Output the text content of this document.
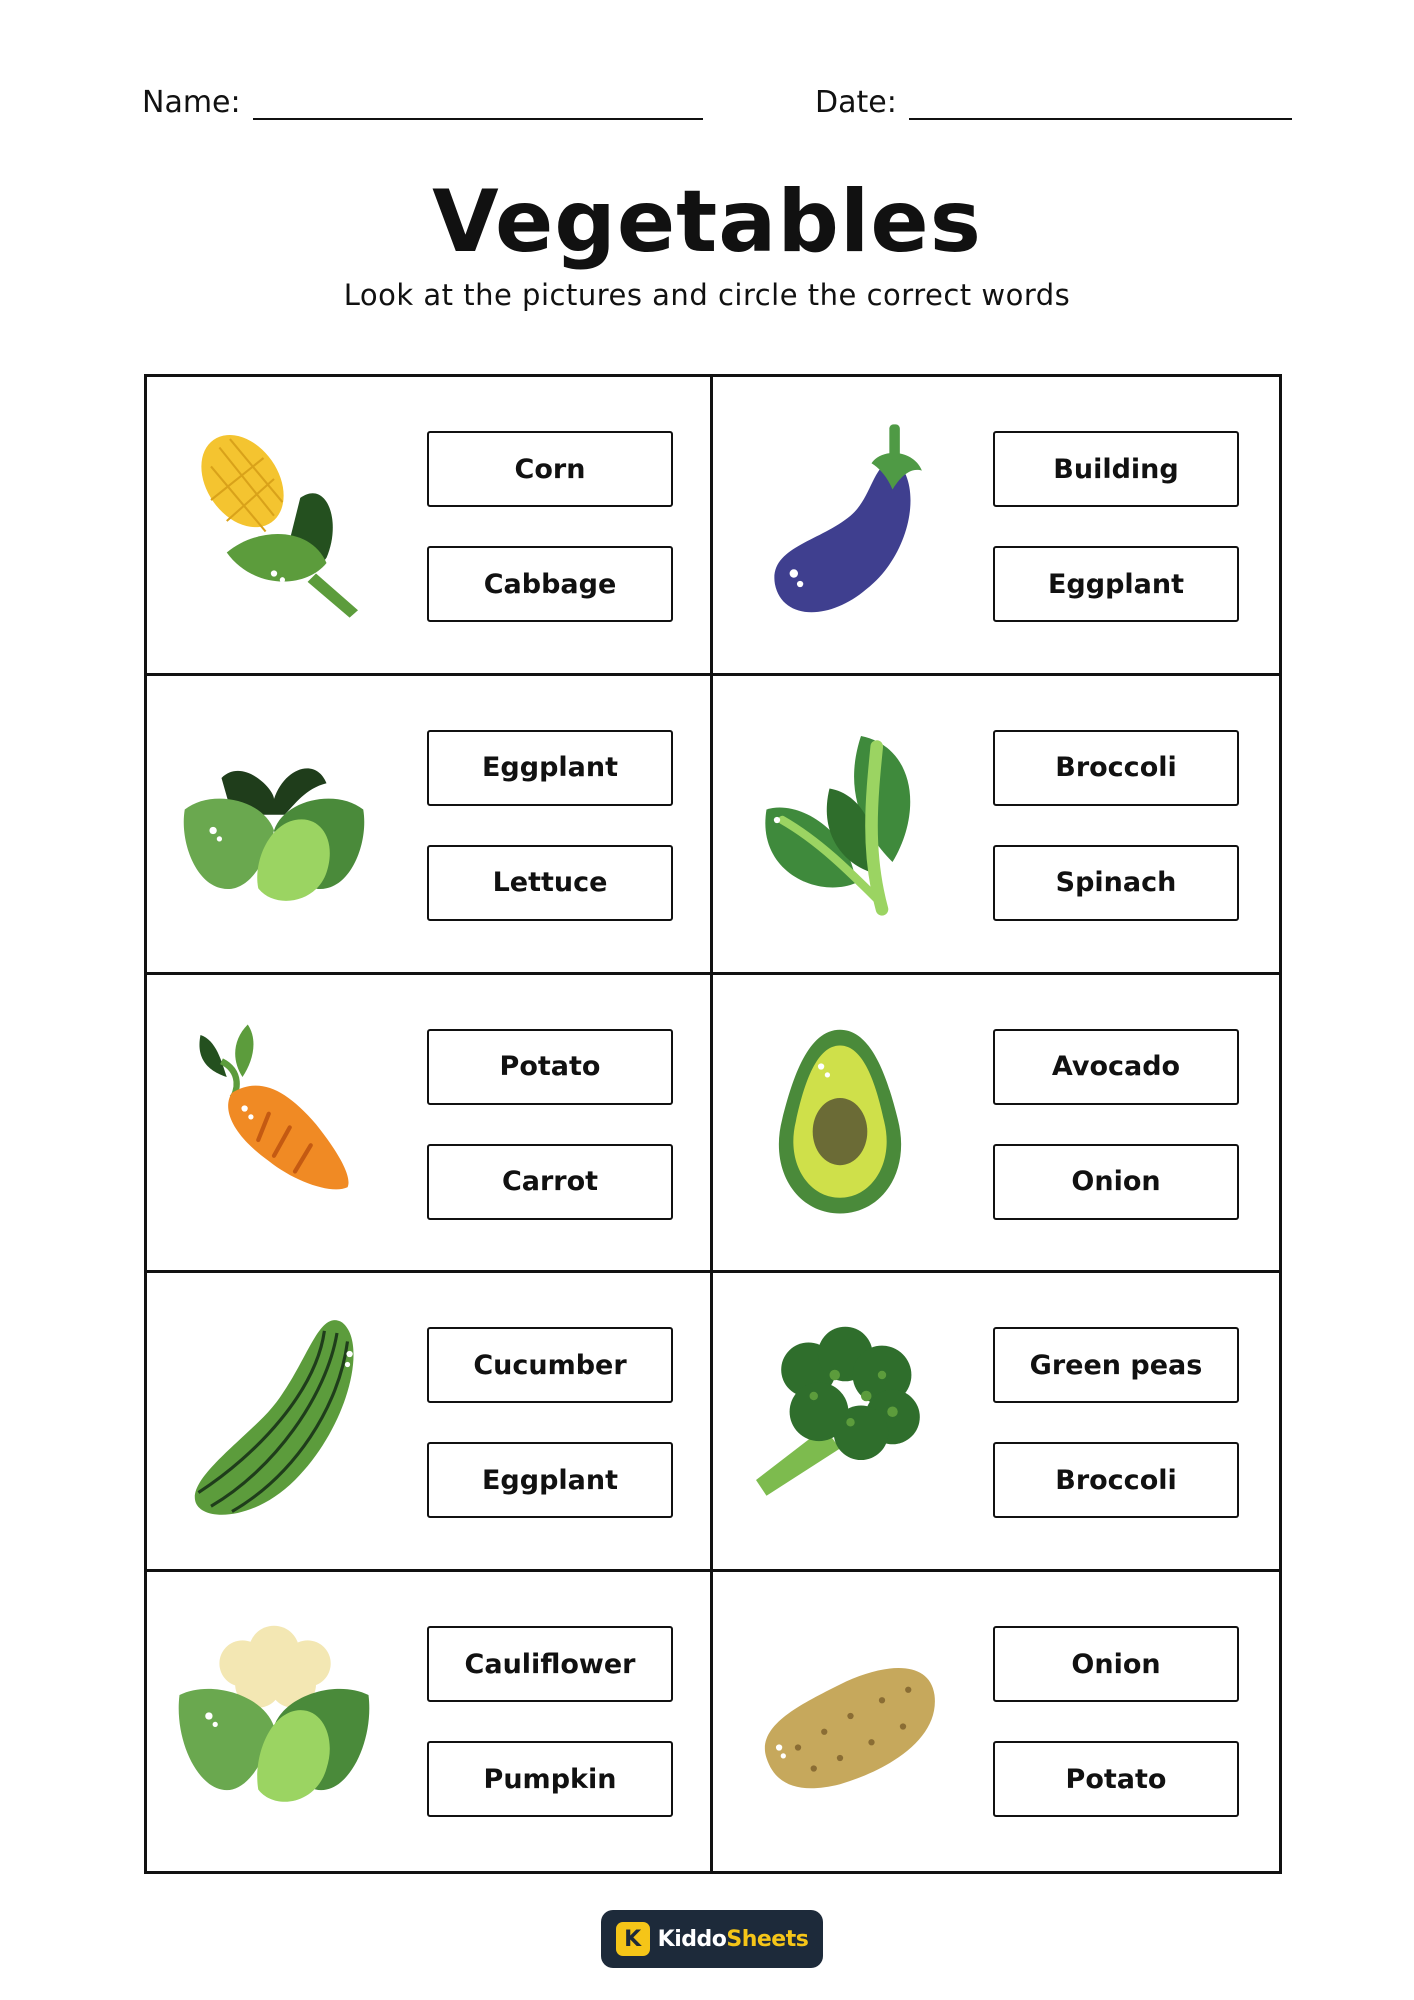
Name:	Date:
Vegetables
Look at the pictures and circle the correct words
Corn
Cabbage
Building
Eggplant
Eggplant
Lettuce
Broccoli
Spinach
Potato
Carrot
Avocado
Onion
Cucumber
Eggplant
Green peas
Broccoli
Cauliflower
Pumpkin
Onion
Potato
K KiddoSheets
